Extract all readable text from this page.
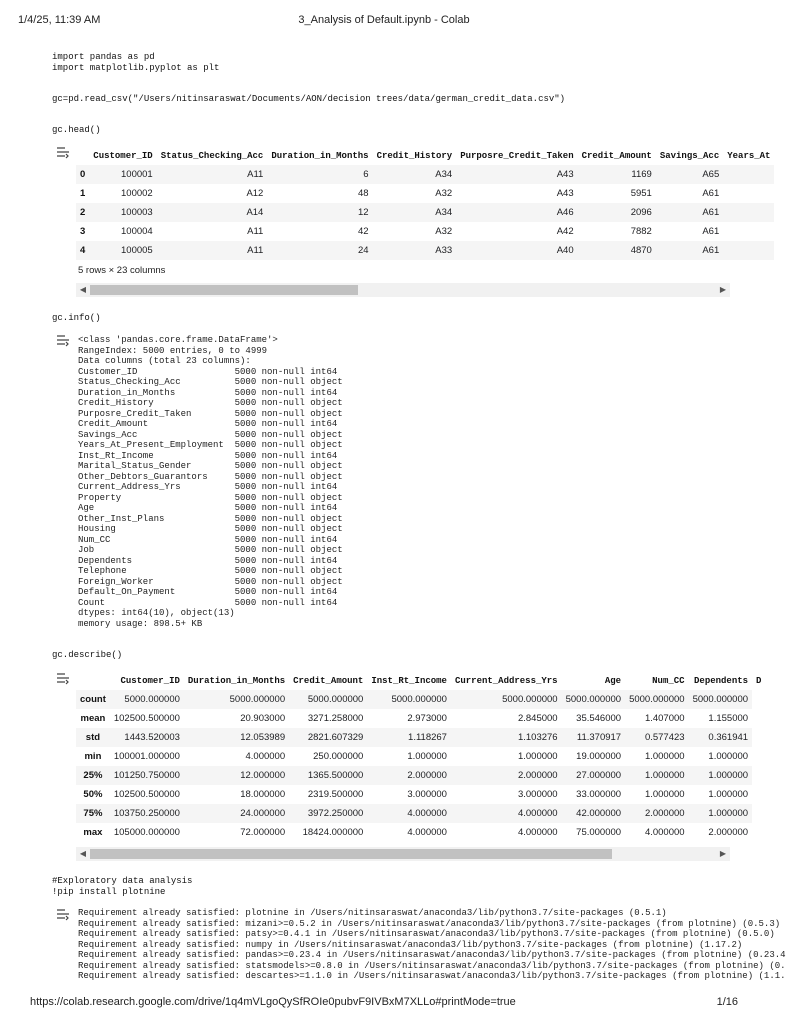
1/4/25, 11:39 AM	3_Analysis of Default.ipynb - Colab
import pandas as pd
import matplotlib.pyplot as plt
gc=pd.read_csv("/Users/nitinsaraswat/Documents/AON/decision trees/data/german_credit_data.csv")
gc.head()
	Customer_ID	Status_Checking_Acc	Duration_in_Months	Credit_History	Purposre_Credit_Taken	Credit_Amount	Savings_Acc	Years_At
0	100001	A11	6	A34	A43	1169	A65	
1	100002	A12	48	A32	A43	5951	A61	
2	100003	A14	12	A34	A46	2096	A61	
3	100004	A11	42	A32	A42	7882	A61	
4	100005	A11	24	A33	A40	4870	A61	
5 rows × 23 columns
◀	▶
gc.info()
<class 'pandas.core.frame.DataFrame'>
RangeIndex: 5000 entries, 0 to 4999
Data columns (total 23 columns):
Customer_ID                  5000 non-null int64
Status_Checking_Acc          5000 non-null object
Duration_in_Months           5000 non-null int64
Credit_History               5000 non-null object
Purposre_Credit_Taken        5000 non-null object
Credit_Amount                5000 non-null int64
Savings_Acc                  5000 non-null object
Years_At_Present_Employment  5000 non-null object
Inst_Rt_Income               5000 non-null int64
Marital_Status_Gender        5000 non-null object
Other_Debtors_Guarantors     5000 non-null object
Current_Address_Yrs          5000 non-null int64
Property                     5000 non-null object
Age                          5000 non-null int64
Other_Inst_Plans             5000 non-null object
Housing                      5000 non-null object
Num_CC                       5000 non-null int64
Job                          5000 non-null object
Dependents                   5000 non-null int64
Telephone                    5000 non-null object
Foreign_Worker               5000 non-null object
Default_On_Payment           5000 non-null int64
Count                        5000 non-null int64
dtypes: int64(10), object(13)
memory usage: 898.5+ KB
gc.describe()
	Customer_ID	Duration_in_Months	Credit_Amount	Inst_Rt_Income	Current_Address_Yrs	Age	Num_CC	Dependents	D
count	5000.000000	5000.000000	5000.000000	5000.000000	5000.000000	5000.000000	5000.000000	5000.000000	
mean	102500.500000	20.903000	3271.258000	2.973000	2.845000	35.546000	1.407000	1.155000	
std	1443.520003	12.053989	2821.607329	1.118267	1.103276	11.370917	0.577423	0.361941	
min	100001.000000	4.000000	250.000000	1.000000	1.000000	19.000000	1.000000	1.000000	
25%	101250.750000	12.000000	1365.500000	2.000000	2.000000	27.000000	1.000000	1.000000	
50%	102500.500000	18.000000	2319.500000	3.000000	3.000000	33.000000	1.000000	1.000000	
75%	103750.250000	24.000000	3972.250000	4.000000	4.000000	42.000000	2.000000	1.000000	
max	105000.000000	72.000000	18424.000000	4.000000	4.000000	75.000000	4.000000	2.000000	
◀	▶
#Exploratory data analysis
!pip install plotnine
Requirement already satisfied: plotnine in /Users/nitinsaraswat/anaconda3/lib/python3.7/site-packages (0.5.1)
Requirement already satisfied: mizani>=0.5.2 in /Users/nitinsaraswat/anaconda3/lib/python3.7/site-packages (from plotnine) (0.5.3)
Requirement already satisfied: patsy>=0.4.1 in /Users/nitinsaraswat/anaconda3/lib/python3.7/site-packages (from plotnine) (0.5.0)
Requirement already satisfied: numpy in /Users/nitinsaraswat/anaconda3/lib/python3.7/site-packages (from plotnine) (1.17.2)
Requirement already satisfied: pandas>=0.23.4 in /Users/nitinsaraswat/anaconda3/lib/python3.7/site-packages (from plotnine) (0.23.4
Requirement already satisfied: statsmodels>=0.8.0 in /Users/nitinsaraswat/anaconda3/lib/python3.7/site-packages (from plotnine) (0.
Requirement already satisfied: descartes>=1.1.0 in /Users/nitinsaraswat/anaconda3/lib/python3.7/site-packages (from plotnine) (1.1.
https://colab.research.google.com/drive/1q4mVLgoQySfROIe0pubvF9IVBxM7XLLo#printMode=true	1/16
